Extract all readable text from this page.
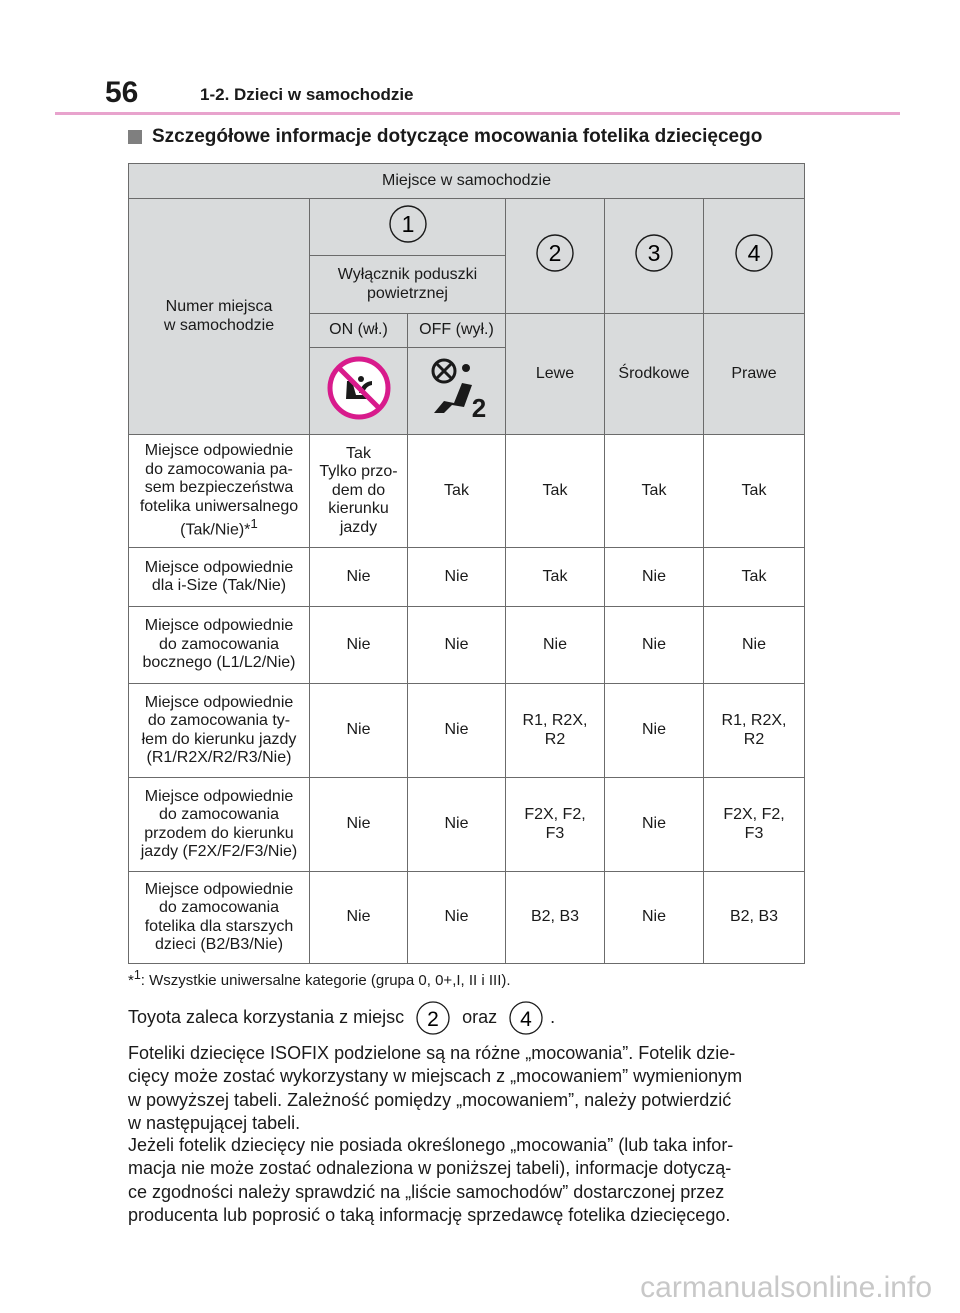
56	1-2. Dzieci w samochodzie
Szczegółowe informacje dotyczące mocowania fotelika dziecięcego
Miejsce w samochodzie					
Numer miejsca
w samochodzie	1		2	3	4

	Wyłącznik poduszki
powietrznej				
	ON (wł.)	OFF (wył.)	Lewe	Środkowe	Prawe

2			

Miejsce odpowiednie
do zamocowania pa-
sem bezpieczeństwa
fotelika uniwersalnego
(Tak/Nie)*$^1$	Tak
Tylko przo-
dem do
kierunku
jazdy	Tak	Tak	Tak	Tak
Miejsce odpowiednie
dla i-Size (Tak/Nie)	Nie	Nie	Tak	Nie	Tak
Miejsce odpowiednie
do zamocowania
bocznego (L1/L2/Nie)	Nie	Nie	Nie	Nie	Nie
Miejsce odpowiednie
do zamocowania ty-
łem do kierunku jazdy
(R1/R2X/R2/R3/Nie)	Nie	Nie	R1, R2X,
R2	Nie	R1, R2X,
R2
Miejsce odpowiednie
do zamocowania
przodem do kierunku
jazdy (F2X/F2/F3/Nie)	Nie	Nie	F2X, F2,
F3	Nie	F2X, F2,
F3
Miejsce odpowiednie
do zamocowania
fotelika dla starszych
dzieci (B2/B3/Nie)	Nie	Nie	B2, B3	Nie	B2, B3
*$^1$: Wszystkie uniwersalne kategorie (grupa 0, 0+,I, II i III).
Toyota zaleca korzystania z miejsc 2 oraz 4 .
Foteliki dziecięce ISOFIX podzielone są na różne „mocowania”. Fotelik dzie-
cięcy może zostać wykorzystany w miejscach z „mocowaniem” wymienionym
w powyższej tabeli. Zależność pomiędzy „mocowaniem”, należy potwierdzić
w następującej tabeli.
Jeżeli fotelik dziecięcy nie posiada określonego „mocowania” (lub taka infor-
macja nie może zostać odnaleziona w poniższej tabeli), informacje dotyczą-
ce zgodności należy sprawdzić na „liście samochodów” dostarczonej przez
producenta lub poprosić o taką informację sprzedawcę fotelika dziecięcego.
carmanualsonline.info
